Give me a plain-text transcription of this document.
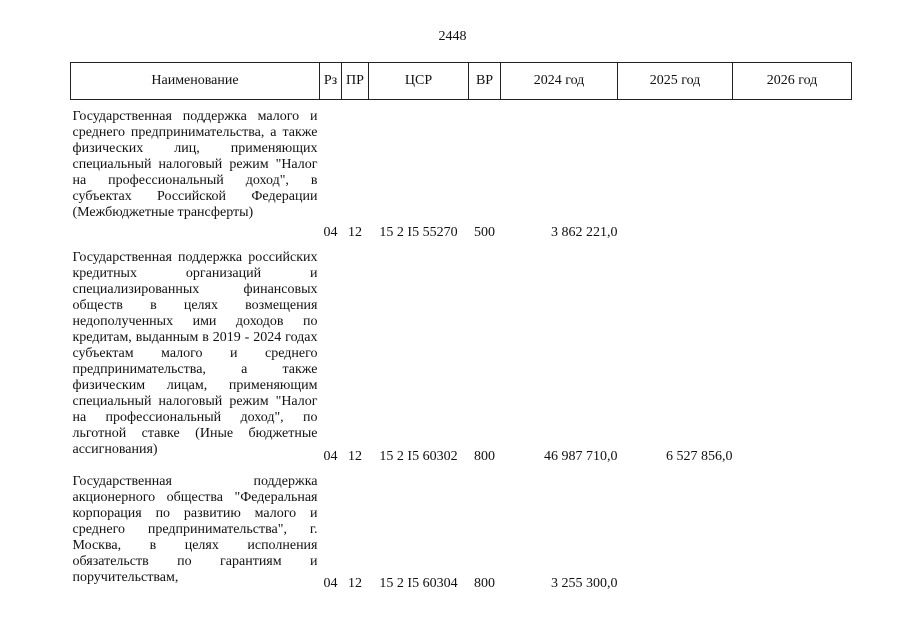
2448
Наименование	Рз	ПР	ЦСР	ВР	2024 год	2025 год	2026 год
Государственная поддержка малого и среднего предпринимательства, а также физических лиц, применяющих специальный налоговый режим "Налог на профессиональный доход", в субъектах Российской Федерации (Межбюджетные трансферты)	04	12	15 2 I5 55270	500	3 862 221,0		
Государственная поддержка российских кредитных организаций и специализированных финансовых обществ в целях возмещения недополученных ими доходов по кредитам, выданным в 2019 - 2024 годах субъектам малого и среднего предпринимательства, а также физическим лицам, применяющим специальный налоговый режим "Налог на профессиональный доход", по льготной ставке (Иные бюджетные ассигнования)	04	12	15 2 I5 60302	800	46 987 710,0	6 527 856,0	
Государственная поддержка акционерного общества "Федеральная корпорация по развитию малого и среднего предпринимательства", г. Москва, в целях исполнения обязательств по гарантиям и поручительствам,	04	12	15 2 I5 60304	800	3 255 300,0		
